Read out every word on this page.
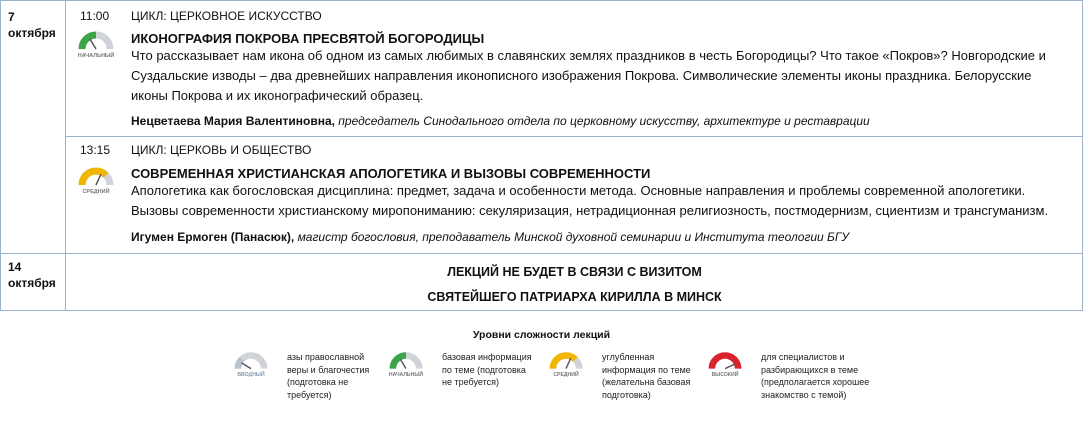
7
октября
11:00
НАЧАЛЬНЫЙ
ЦИКЛ: ЦЕРКОВНОЕ ИСКУССТВО
ИКОНОГРАФИЯ ПОКРОВА ПРЕСВЯТОЙ БОГОРОДИЦЫ
Что рассказывает нам икона об одном из самых любимых в славянских землях праздников в честь Богородицы? Что такое «Покров»? Новгородские и
Суздальские изводы – два древнейших направления иконописного изображения Покрова. Символические элементы иконы праздника. Белорусские
иконы Покрова и их иконографический образец.
Нецветаева Мария Валентиновна, председатель Синодального отдела по церковному искусству, архитектуре и реставрации
13:15
СРЕДНИЙ
ЦИКЛ: ЦЕРКОВЬ И ОБЩЕСТВО
СОВРЕМЕННАЯ ХРИСТИАНСКАЯ АПОЛОГЕТИКА И ВЫЗОВЫ СОВРЕМЕННОСТИ
Апологетика как богословская дисциплина: предмет, задача и особенности метода. Основные направления и проблемы современной апологетики.
Вызовы современности христианскому миропониманию: секуляризация, нетрадиционная религиозность, постмодернизм, сциентизм и трансгуманизм.
Игумен Ермоген (Панасюк), магистр богословия, преподаватель Минской духовной семинарии и Института теологии БГУ
14
октября
ЛЕКЦИЙ НЕ БУДЕТ В СВЯЗИ С ВИЗИТОМ
СВЯТЕЙШЕГО ПАТРИАРХА КИРИЛЛА В МИНСК
Уровни сложности лекций
ВВОДНЫЙ
азы православной
веры и благочестия
(подготовка не
требуется)
НАЧАЛЬНЫЙ
базовая информация
по теме (подготовка
не требуется)
СРЕДНИЙ
углубленная
информация по теме
(желательна базовая
подготовка)
ВЫСОКИЙ
для специалистов и
разбирающихся в теме
(предполагается хорошее
знакомство с темой)
